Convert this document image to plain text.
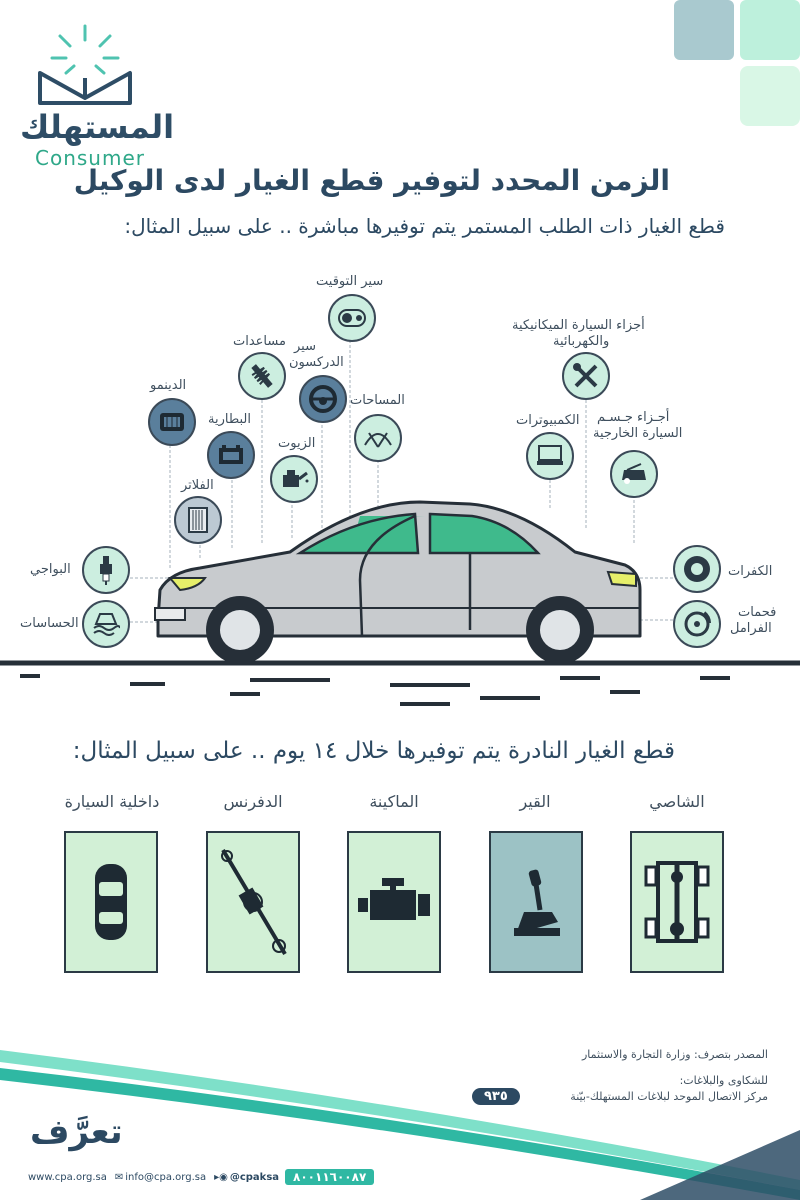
المستهلك
Consumer
الزمن المحدد لتوفير قطع الغيار لدى الوكيل
قطع الغيار ذات الطلب المستمر يتم توفيرها مباشرة .. على سبيل المثال:
البواجي
الحساسات
الدينمو
الفلاتر
البطارية
مساعدات
الزيوت
سير
الدركسون
سير التوقيت
المساحات
أجزاء السيارة الميكانيكية
والكهربائية
الكمبيوترات أجـزاء جـسـم
السيارة الخارجية
الكفرات
فحمات
الفرامل
قطع الغيار النادرة يتم توفيرها خلال ١٤ يوم .. على سبيل المثال:
داخلية السيارة	الدفرنس	الماكينة	القير	الشاصي
المصدر بتصرف: وزارة التجارة والاستثمار
للشكاوى والبلاغات:
مركز الاتصال الموحد لبلاغات المستهلك-بيّنة
٩٣٥
تعرَّف
www.cpa.org.sa ✉ info@cpa.org.sa ▸◉ @cpaksa	٨٠٠١١٦٠٠٨٧
